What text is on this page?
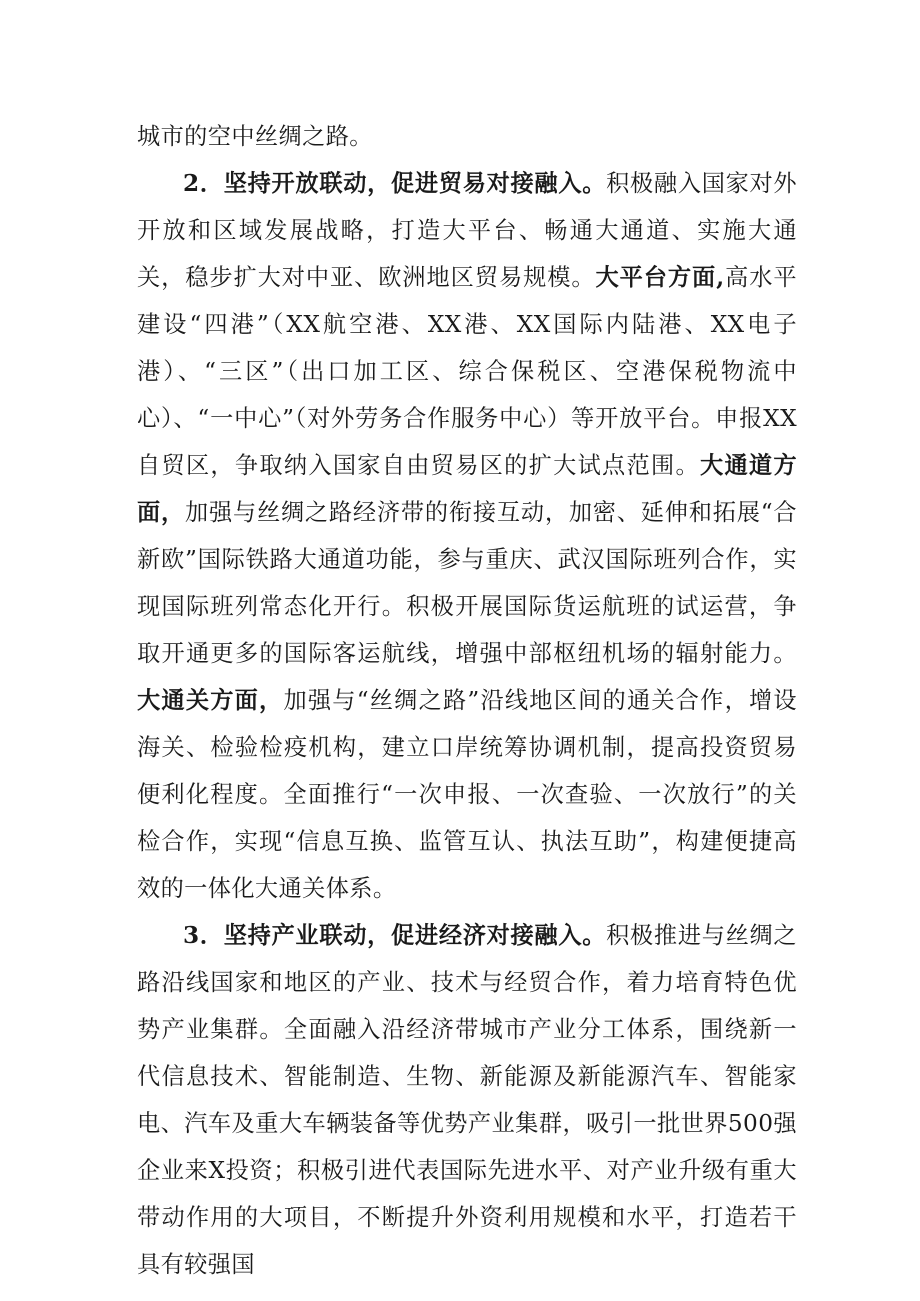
城市的空中丝绸之路。

2．坚持开放联动，促进贸易对接融入。积极融入国家对外开放和区域发展战略，打造大平台、畅通大通道、实施大通关，稳步扩大对中亚、欧洲地区贸易规模。大平台方面,高水平建设“四港”（XX航空港、XX港、XX国际内陆港、XX电子港）、“三区”（出口加工区、综合保税区、空港保税物流中心）、“一中心”（对外劳务合作服务中心）等开放平台。申报XX自贸区，争取纳入国家自由贸易区的扩大试点范围。大通道方面，加强与丝绸之路经济带的衔接互动，加密、延伸和拓展“合新欧”国际铁路大通道功能，参与重庆、武汉国际班列合作，实现国际班列常态化开行。积极开展国际货运航班的试运营，争取开通更多的国际客运航线，增强中部枢纽机场的辐射能力。大通关方面，加强与“丝绸之路”沿线地区间的通关合作，增设海关、检验检疫机构，建立口岸统筹协调机制，提高投资贸易便利化程度。全面推行“一次申报、一次查验、一次放行”的关检合作，实现“信息互换、监管互认、执法互助”，构建便捷高效的一体化大通关体系。

3．坚持产业联动，促进经济对接融入。积极推进与丝绸之路沿线国家和地区的产业、技术与经贸合作，着力培育特色优势产业集群。全面融入沿经济带城市产业分工体系，围绕新一代信息技术、智能制造、生物、新能源及新能源汽车、智能家电、汽车及重大车辆装备等优势产业集群，吸引一批世界500强企业来X投资；积极引进代表国际先进水平、对产业升级有重大带动作用的大项目，不断提升外资利用规模和水平，打造若干具有较强国
